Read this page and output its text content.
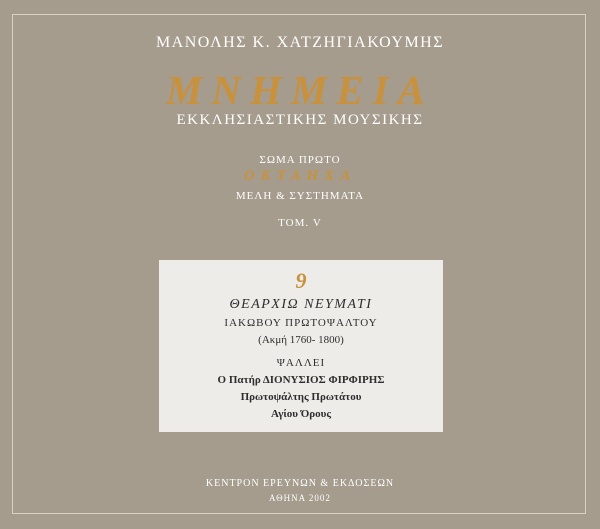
ΜΑΝΟΛΗΣ Κ. ΧΑΤΖΗΓΙΑΚΟΥΜΗΣ
ΜΝΗΜΕΙΑ
ΕΚΚΛΗΣΙΑΣΤΙΚΗΣ ΜΟΥΣΙΚΗΣ
ΣΩΜΑ ΠΡΩΤΟ
ΟΚΤΑΗΧΑ
ΜΕΛΗ & ΣΥΣΤΗΜΑΤΑ
ΤΟΜ. V
9
ΘΕΑΡΧΙΩ ΝΕΥΜΑΤΙ
ΙΑΚΩΒΟΥ ΠΡΩΤΟΨΑΛΤΟΥ
(Ακμή 1760- 1800)
ΨΑΛΛΕΙ
Ο Πατήρ ΔΙΟΝΥΣΙΟΣ ΦΙΡΦΙΡΗΣ
Πρωτοψάλτης Πρωτάτου
Αγίου Όρους
ΚΕΝΤΡΟΝ ΕΡΕΥΝΩΝ & ΕΚΔΟΣΕΩΝ
ΑΘΗΝΑ 2002
